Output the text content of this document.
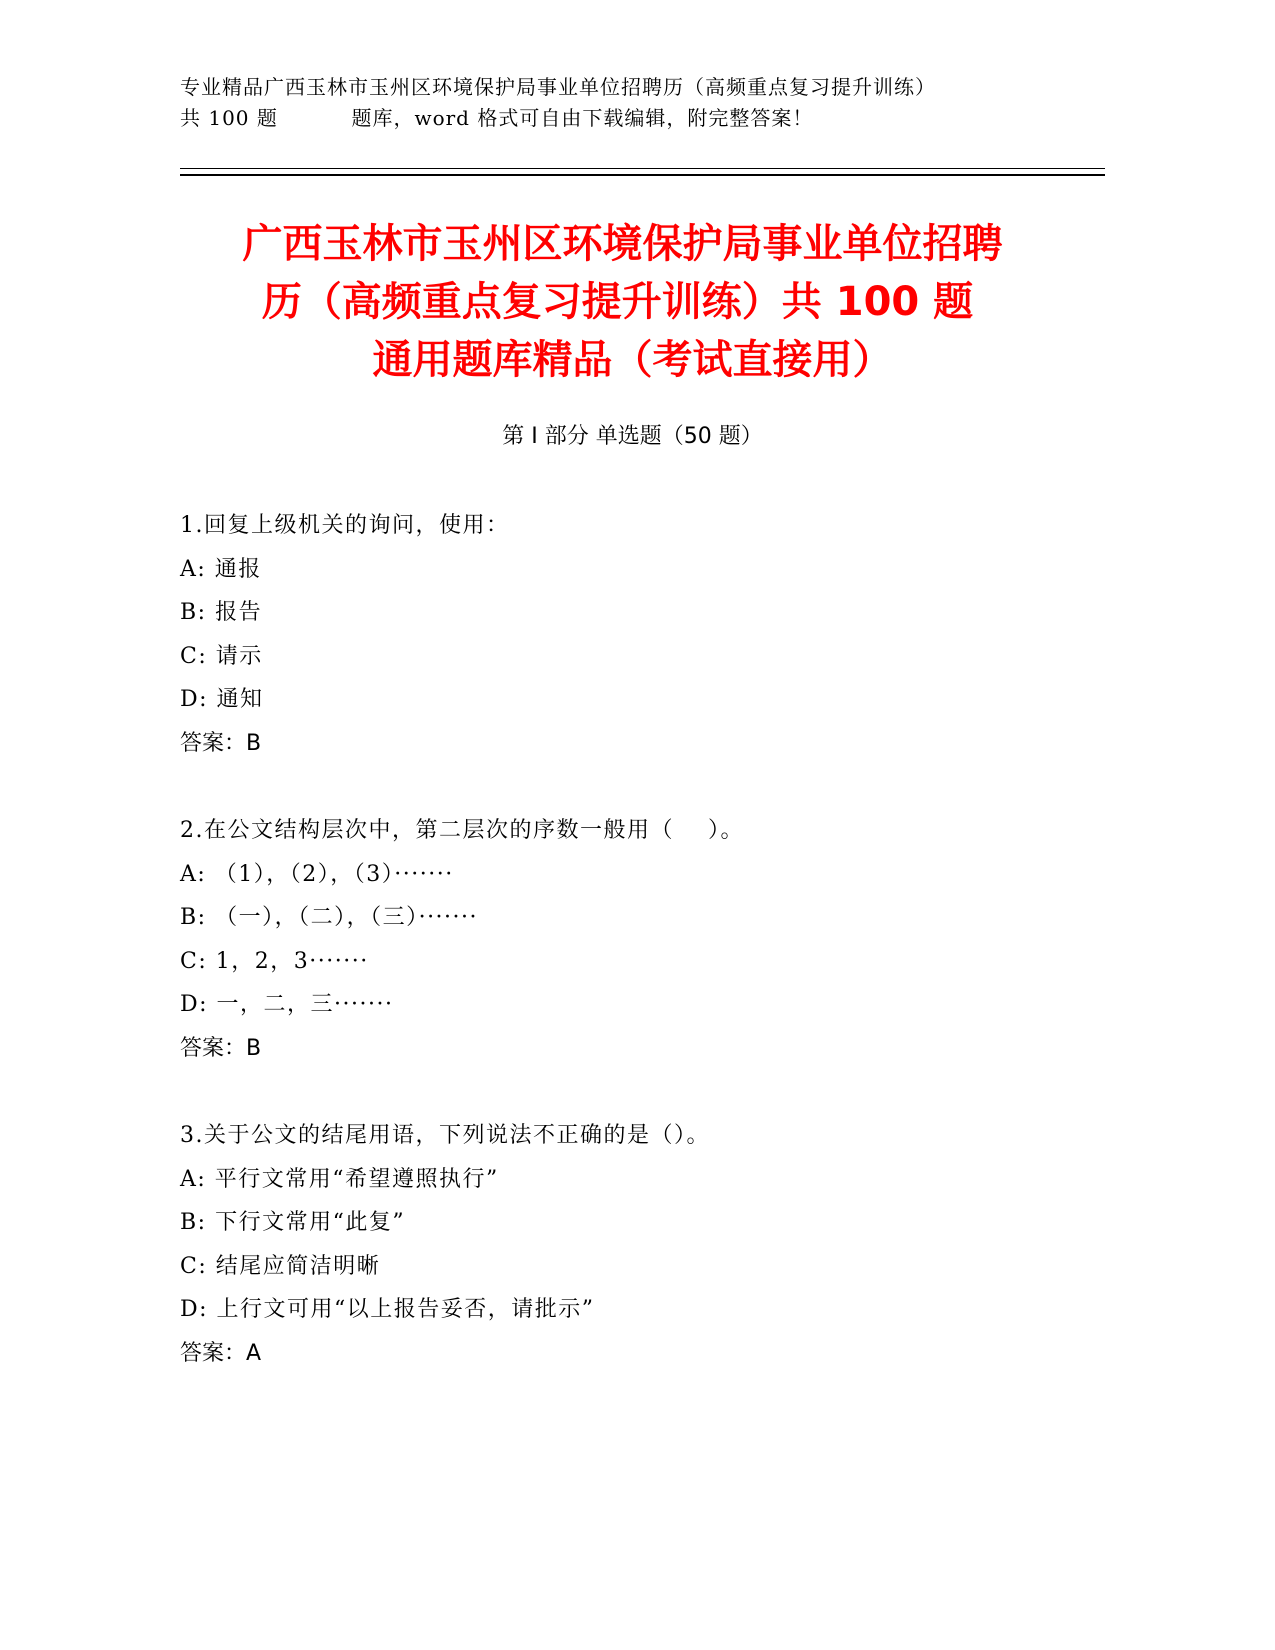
专业精品广西玉林市玉州区环境保护局事业单位招聘历（高频重点复习提升训练）
共 100 题          题库，word 格式可自由下载编辑，附完整答案！
广西玉林市玉州区环境保护局事业单位招聘
历（高频重点复习提升训练）共 100 题
通用题库精品（考试直接用）
第 I 部分 单选题（50 题）
1.回复上级机关的询问，使用：
A: 通报
B: 报告
C: 请示
D: 通知
答案：B
2.在公文结构层次中，第二层次的序数一般用（    ）。
A: （1），（2），（3）·······
B: （一），（二），（三）·······
C: 1，2，3·······
D: 一，二，三·······
答案：B
3.关于公文的结尾用语，下列说法不正确的是（）。
A: 平行文常用“希望遵照执行”
B: 下行文常用“此复”
C: 结尾应简洁明晰
D: 上行文可用“以上报告妥否，请批示”
答案：A
